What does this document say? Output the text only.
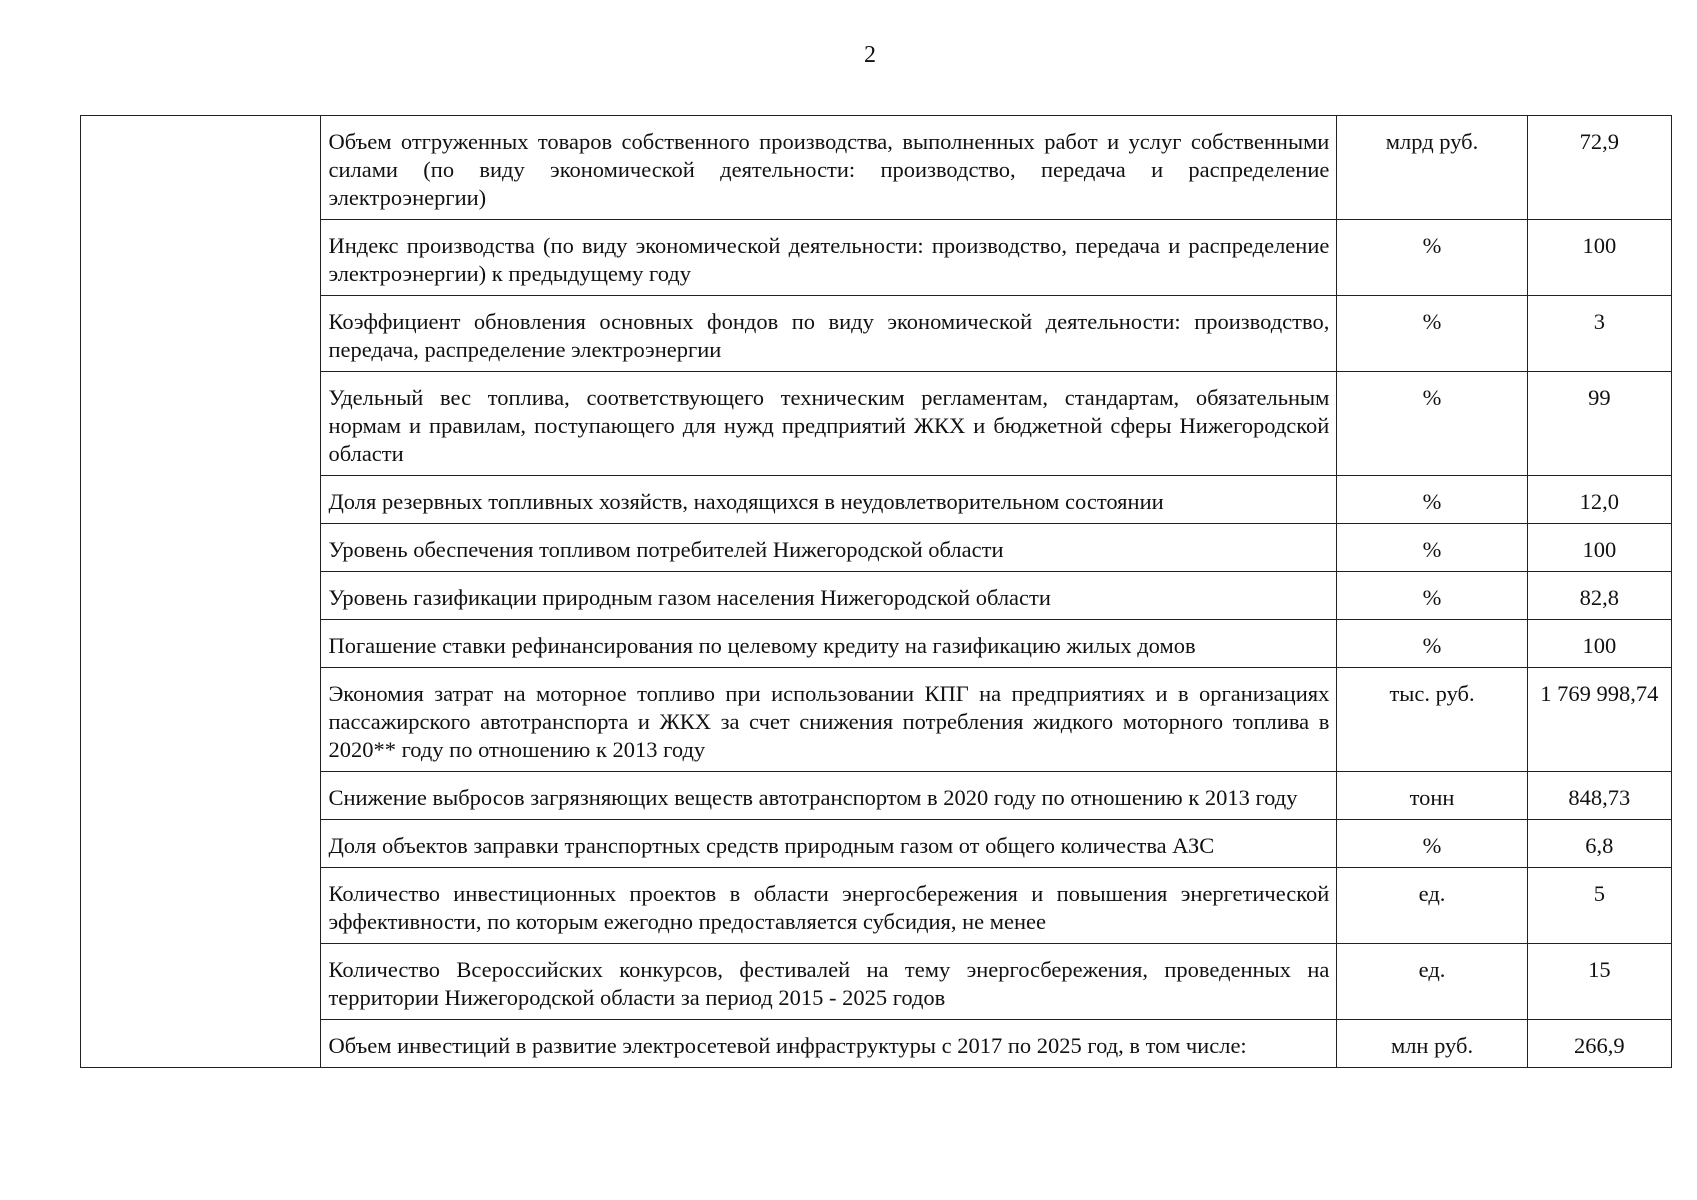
2
	Объем отгруженных товаров собственного производства, выполненных работ и услуг собственными силами (по виду экономической деятельности: производство, передача и распределение электроэнергии)	млрд руб.	72,9
	Индекс производства (по виду экономической деятельности: производство, передача и распределение электроэнергии) к предыдущему году	%	100
	Коэффициент обновления основных фондов по виду экономической деятельности: производство, передача, распределение электроэнергии	%	3
	Удельный вес топлива, соответствующего техническим регламентам, стандартам, обязательным нормам и правилам, поступающего для нужд предприятий ЖКХ и бюджетной сферы Нижегородской области	%	99
	Доля резервных топливных хозяйств, находящихся в неудовлетворительном состоянии	%	12,0
	Уровень обеспечения топливом потребителей Нижегородской области	%	100
	Уровень газификации природным газом населения Нижегородской области	%	82,8
	Погашение ставки рефинансирования по целевому кредиту на газификацию жилых домов	%	100
	Экономия затрат на моторное топливо при использовании КПГ на предприятиях и в организациях пассажирского автотранспорта и ЖКХ за счет снижения потребления жидкого моторного топлива в 2020** году по отношению к 2013 году	тыс. руб.	1 769 998,74
	Снижение выбросов загрязняющих веществ автотранспортом в 2020 году по отношению к 2013 году	тонн	848,73
	Доля объектов заправки транспортных средств природным газом от общего количества АЗС	%	6,8
	Количество инвестиционных проектов в области энергосбережения и повышения энергетической эффективности, по которым ежегодно предоставляется субсидия, не менее	ед.	5
	Количество Всероссийских конкурсов, фестивалей на тему энергосбережения, проведенных на территории Нижегородской области за период 2015 - 2025 годов	ед.	15
	Объем инвестиций в развитие электросетевой инфраструктуры с 2017 по 2025 год, в том числе:	млн руб.	266,9
